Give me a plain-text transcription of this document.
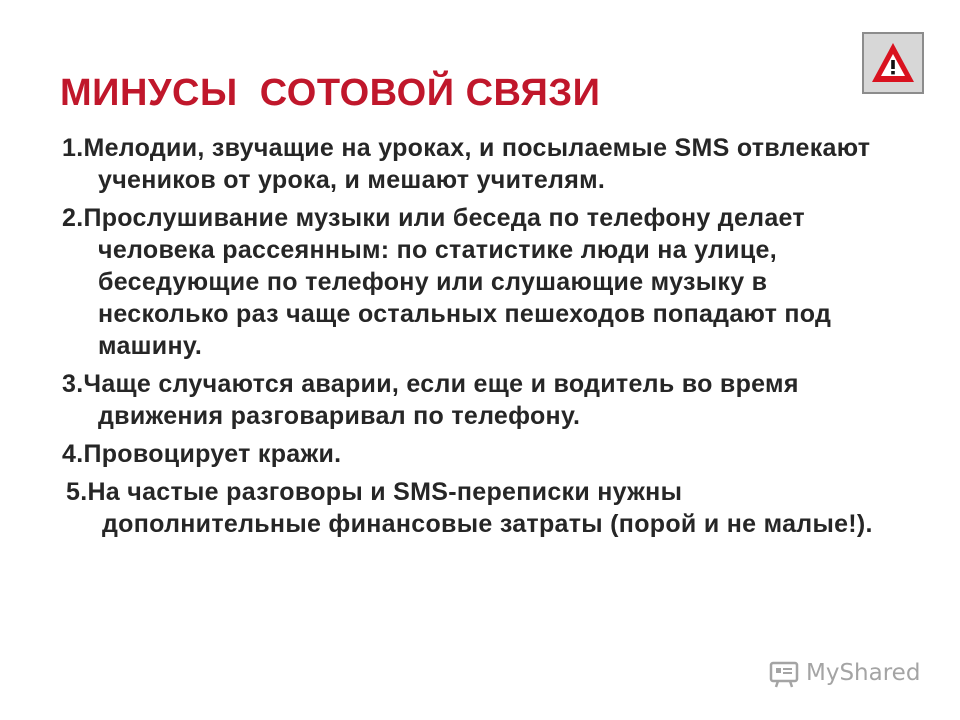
МИНУСЫ  СОТОВОЙ СВЯЗИ
1.Мелодии, звучащие на уроках, и посылаемые SMS отвлекают учеников от урока, и мешают учителям.
2.Прослушивание музыки или беседа по телефону делает человека рассеянным: по статистике люди на улице, беседующие по телефону или слушающие музыку в несколько раз чаще остальных пешеходов попадают под машину.
3.Чаще случаются аварии, если еще и водитель во время движения разговаривал по телефону.
4.Провоцирует кражи.
5.На частые разговоры и SMS-переписки нужны дополнительные финансовые затраты (порой и не малые!).
MyShared
